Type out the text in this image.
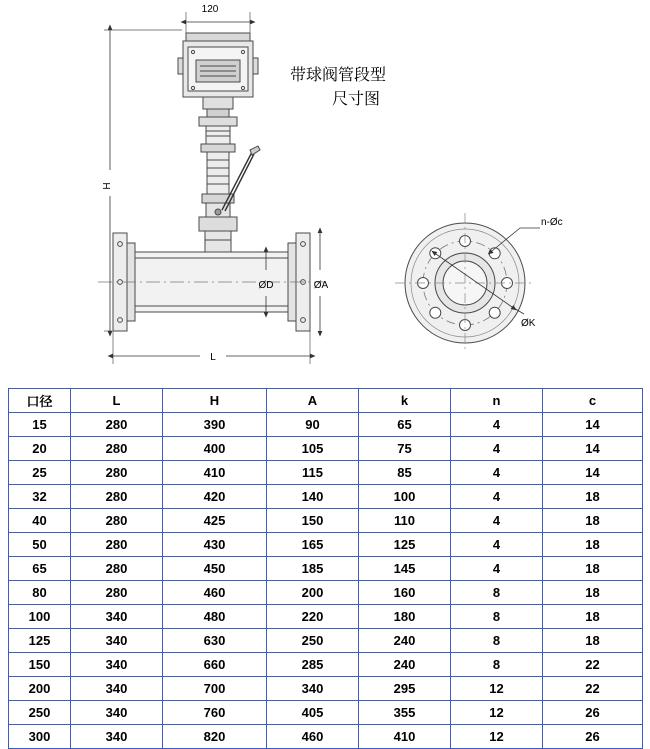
120
H
L
ØD	ØA
n-Øc
ØK
带球阀管段型
尺寸图
口径	L	H	A	k	n	c
15	280	390	90	65	4	14
20	280	400	105	75	4	14
25	280	410	115	85	4	14
32	280	420	140	100	4	18
40	280	425	150	110	4	18
50	280	430	165	125	4	18
65	280	450	185	145	4	18
80	280	460	200	160	8	18
100	340	480	220	180	8	18
125	340	630	250	240	8	18
150	340	660	285	240	8	22
200	340	700	340	295	12	22
250	340	760	405	355	12	26
300	340	820	460	410	12	26
